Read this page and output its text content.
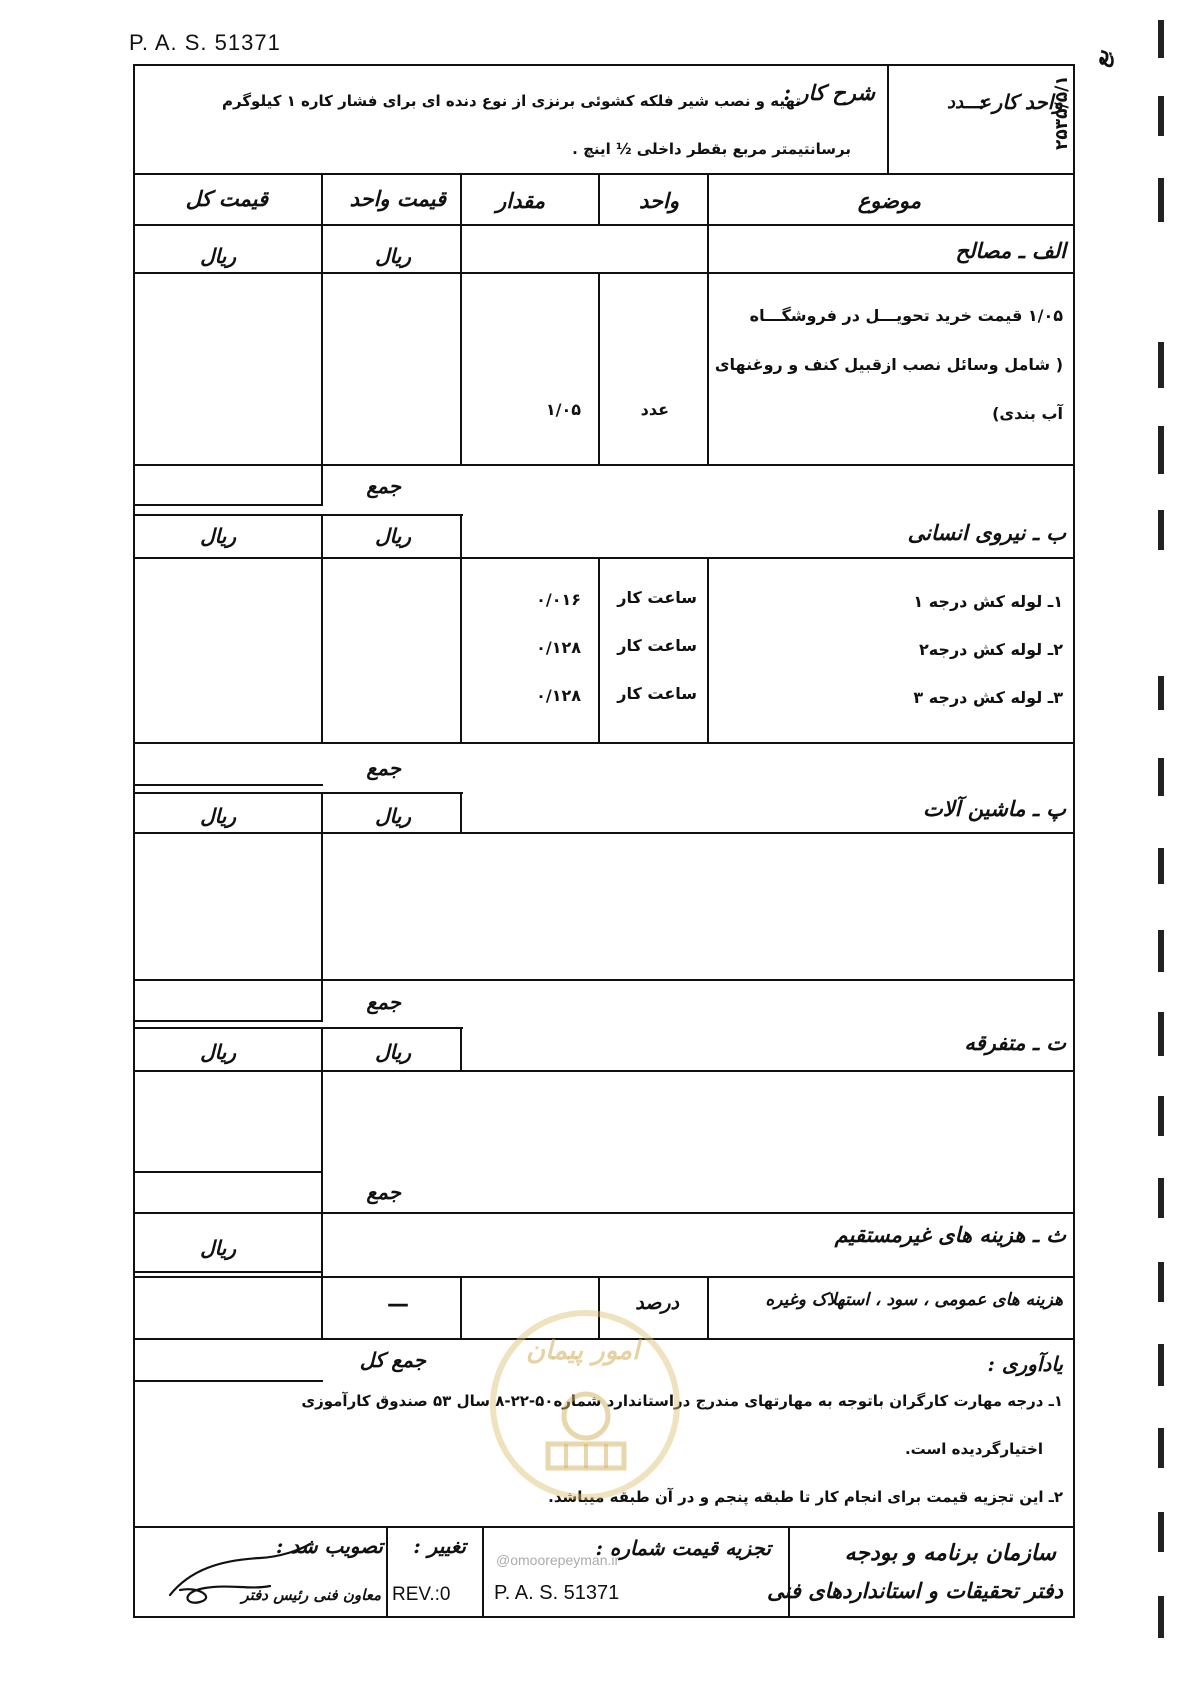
P. A. S. 51371
بع
۲۵۳۵/۵/۱
واحد کار :
عـــدد
شرح کار :
تهیه و نصب شیر فلکه کشوئی برنزی از نوع دنده ای برای فشار کاره ۱ کیلوگرم
برسانتیمتر مربع بقطر داخلی ½ اینچ .
موضوع
واحد
مقدار
قیمت واحد
قیمت کل
الف ـ مصالح
ریال
ریال
۱/۰۵ قیمت خرید تحویـــل در فروشگـــاه
( شامل وسائل نصب ازقبیل کنف و روغنهای
آب بندی)
عدد
۱/۰۵
جمع
ب ـ نیروی انسانی
ریال
ریال
۱ـ لوله کش درجه ۱
ساعت کار
۰/۰۱۶
۲ـ لوله کش درجه۲
ساعت کار
۰/۱۲۸
۳ـ لوله کش درجه ۳
ساعت کار
۰/۱۲۸
جمع
پ ـ ماشین آلات
ریال
ریال
جمع
ت ـ متفرقه
ریال
ریال
جمع
ث ـ هزینه های غیرمستقیم
ریال
هزینه های عمومی ، سود ، استهلاک وغیره
درصد
—
جمع کل	یادآوری :
۱ـ درجه مهارت کارگران باتوجه به مهارتهای مندرج دراستاندارد شماره۵۰-۲۲-۸ سال ۵۳ صندوق کارآموزی
اختیارگردیده است.
۲ـ این تجزیه قیمت برای انجام کار تا طبقه پنجم و در آن طبقه میباشد.
امور پیمان
سازمان برنامه و بودجه
دفتر تحقیقات و استانداردهای فنی
تجزیه قیمت شماره :
@omoorepeyman.ir
P. A. S. 51371
تغییر :
REV.:0
تصویب شد :
معاون فنی رئیس دفتر
